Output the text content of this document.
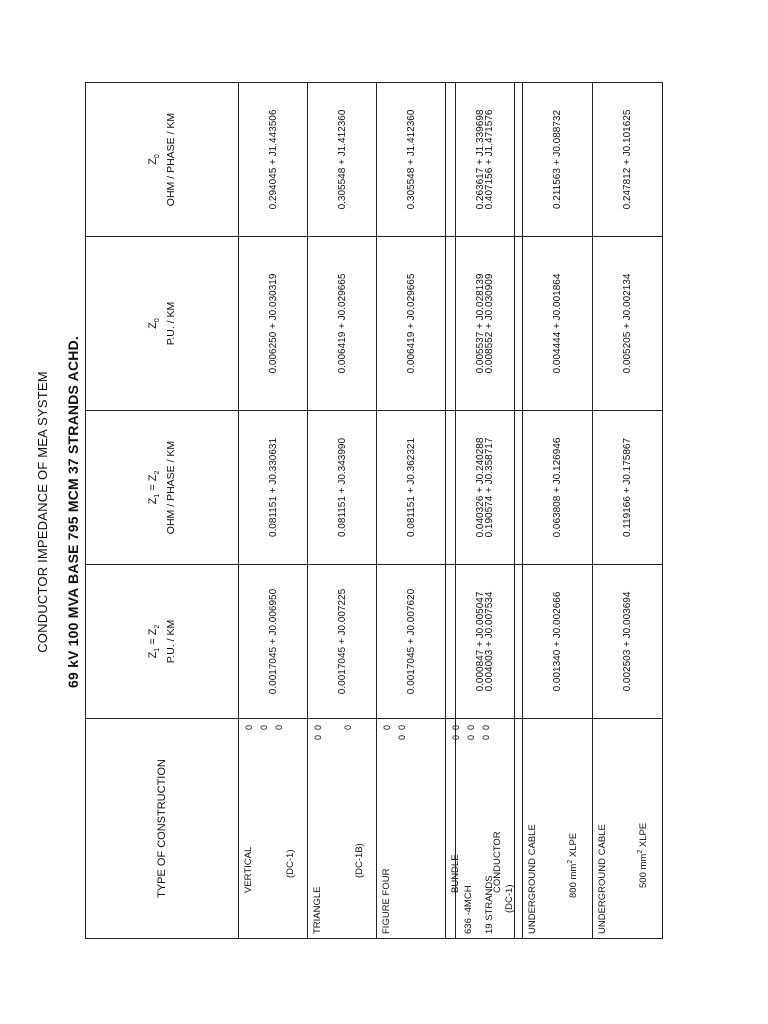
CONDUCTOR IMPEDANCE OF MEA SYSTEM 69 kV 100 MVA BASE 795 MCM 37 STRANDS ACHD.
TYPE OF CONSTRUCTION	$Z_1 = Z_2$ P.U. / KM	$Z_1 = Z_2$ OHM / PHASE / KM	$Z_0$ P.U. / KM	$Z_0$ OHM / PHASE / KM

VERTICAL (DC-1)
0
0
0	0.0017045 + J0.006950	0.081151 + J0.330631	0.006250 + J0.030319	0.294045 + J1.443506

TRIANGLE
(DC-1B)
0  0

0	0.0017045 + J0.007225	0.081151 + J0.343990	0.006419 + J0.029665	0.305548 + J1.412360

FIGURE FOUR
0
0  0	0.0017045 + J0.007620	0.081151 + J0.362321	0.006419 + J0.029665	0.305548 + J1.412360

BUNDLE CONDUCTOR
0  0
0  0
0  0	0.000847 + J0.005047	0.040326 + J0.240288	0.005537 + J0.028139	0.263617 + J1.339698
636 -4MCH 19 STRANDS (DC-1)	0.004003 + J0.007534	0.190574 + J0.358717	0.008552 + J0.030909	0.407156 + J1.471576

UNDERGROUND CABLE 800 $mm^2$ XLPE	0.001340 + J0.002666	0.063808 + J0.126946	0.004444 + J0.001864	0.211563 + J0.088732

UNDERGROUND CABLE 500 $mm^2$ XLPE	0.002503 + J0.003694	0.119166 + J0.175867	0.005205 + J0.002134	0.247812 + J0.101625
